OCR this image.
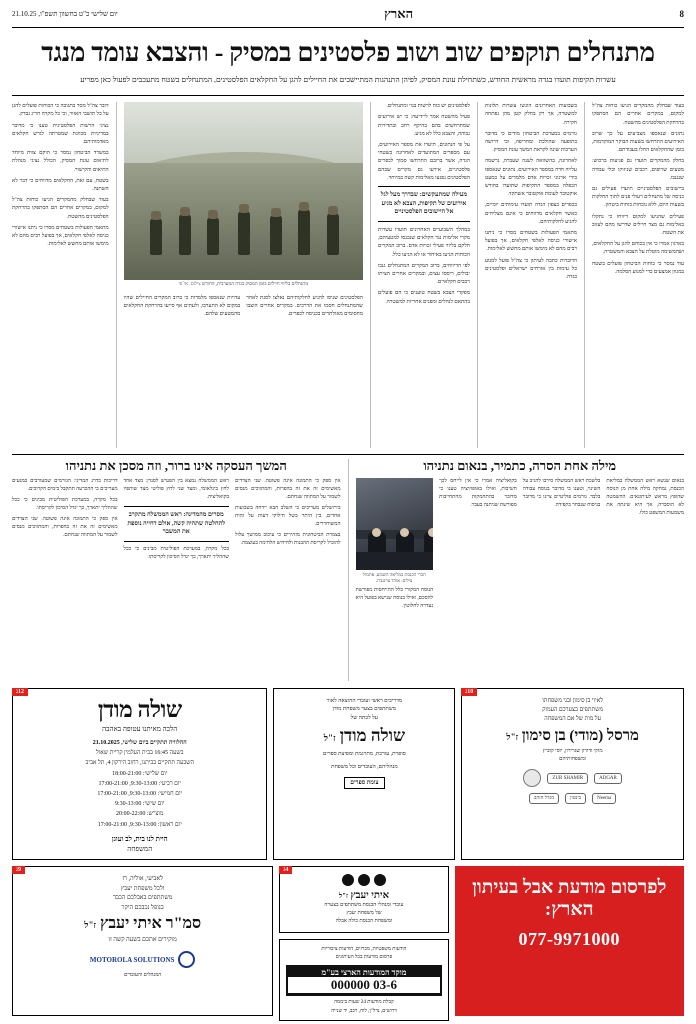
8
הארץ
יום שלישי כ"ט בחשוון תשפ"ו, 21.10.25
מתנחלים תוקפים שוב ושוב פלסטינים במסיק - והצבא עומד מנגד
עשרות תקיפות תועדו בגדה מראשית החודש, כשתחילת עונת המסיק, לפיהן התנהגות המתיישבים את החיילים להגן על החקלאים הפלסטינים, המתנחלים בשטח מתעכבים לפעול כאן מפריע

בעוד שבחלק מהמקרים הגיעו כוחות צה"ל למקום, במקרים אחרים הם הסתפקו בהרחקת הפלסטינים מהשטח.

נתונים שנאספו מצביעים על כך שרוב האירועים התרחשו בשעות הבוקר המוקדמות, בזמן שהחקלאים החלו בעבודתם.

בחלק מהמקרים תועדו גם פגיעות ברכוש: מטעים שרופים, רכבים שניזוקו וכלי עבודה שנגנבו.

ביישובים הפלסטיניים תיעדו פעילים גם כניסה של מתנחלים רעולי פנים לתוך החלקות בשעות היום, ללא נוכחות כוחות ביטחון.

פעילים שהגיעו למקום דיווחו כי נתקלו באלימות גם מצד חיילים שדרשו מהם לעזוב את השטח.

בארגון אמרו כי אין בכוחם להגן על החקלאים, ושהמשימה מוטלת על הצבא והמשטרה.

עוד נמסר כי כוחות הביטחון פועלים בשטח במגוון אמצעים כדי למנוע הסלמה.

בשבועות האחרונים הוגשו עשרות תלונות למשטרה, אך רק בחלק קטן מהן נפתחה חקירה.

גורמים במערכת הביטחון מודים כי מדובר בתופעה שהולכת ומחריפה, וכי דרושה הערכות שונה לקראת המשך עונת המסיק.

לאחרונה, בהשוואה לשנה שעברה, נרשמה עלייה חדה במספר האירועים. נתונים שנאספו בידי ארגוני זכויות אדם מלמדים על כמעט הכפלה במספר התקיפות שתועדו בחודש אוקטובר לעומת אוקטובר אשתקד.

בכפרים בצפון הגדה תועדו עימותים יומיים, כאשר חקלאים מדווחים כי אינם מצליחים להגיע לחלקותיהם.

מתאמי הפעולות בשטחים מסרו כי ניתנו אישורי כניסה לאלפי חקלאים, אך בפועל רבים מהם לא מימשו אותם מחשש לאלימות.

הדוברות כתבה לעיתון כי צה"ל פועל למנוע כל עימות בין אזרחים ישראלים ופלסטינים בגדה.

לפלסטינים יש כוח לרשות בנוי ומתנחלים.

פעיל מהשטח אמר ליידיעה: כי יש אירועים שמתרחשים בהם בהיקף רחב ובתדירות גבוהה, והצבא כלל לא מגיע.

על פי הנתונים, תיעדו את מספר האירועים, עם מספרים המתועדים לאחרונה בשטחי הגדה, אשר ברובם התרחשו סמוך לכפרים פלסטיניים, אירעו גם מקרים שבהם הפלסטינים נפגעו מאלימות קשה במיוחד.

מעילה שמתעקשים: שבדרך מעל לגל אירועים של תקיפות, הצבא לא מגיע אל היישובים הפלסטיניים

במהלך השבועיים האחרונים תועדו עשרות מקרי אלימות נגד חקלאים שנכנסו למטעיהם, חלקם בליווי פעילי זכויות אדם. ברוב המקרים הכוחות הגיעו באיחור או לא הגיעו כלל.

לפי הדיווחים, ברוב המקרים המתנחלים גנבו יבולים, ריססו עצים, ובמקרים אחרים הציתו רכבים חקלאיים.

מפקדי הצבא בשטח טוענים כי הם פועלים בהתאם לנהלים ומפנים אחריות למשטרה.

מתנחלים בליווי חיילים בזמן המסיק בגדה המערבית, החודש צילום: אי־פי
הפלסטינים שניסו להגיע לחלקותיהם נאלצו לסגת לאחר שהמתנחלים חסמו את הדרכים. במקרים אחרים הוצבו מחסומים מאולתרים בכניסה לכפרים.
עדויות שנאספו מלמדות כי ברוב המקרים החיילים שהיו במקום לא התערבו, ולעתים אף סייעו בהרחקת החקלאים מהמטעים שלהם.

דובר צה"ל מסר בתגובה כי הכוחות פועלים להגן על כל תושבי האזור, וכי כל מקרה חריג נבדק.

נציגי הרשות הפלסטינית טענו כי מדובר במדיניות מכוונת שמטרתה לגרש חקלאים מאדמותיהם.

במשרד הביטחון נמסר כי הוקם צוות מיוחד לתיאום עונת המסיק, הכולל נציגי מנהלת התיאום והקישור.

בשטח, עם זאת, החקלאים מדווחים כי דבר לא השתנה.

בעוד שבחלק מהמקרים הגיעו כוחות צה"ל למקום, במקרים אחרים הם הסתפקו בהרחקת הפלסטינים מהשטח.

מתאמי הפעולות בשטחים מסרו כי ניתנו אישורי כניסה לאלפי חקלאים, אך בפועל רבים מהם לא מימשו אותם מחשש לאלימות.

מילה אחת הסרה, כתמיר, בנאום נתניהו
בנאום שנשא ראש הממשלה במליאת הכנסת, נמחקה מילה אחת מן הנוסח שהופץ מראש לעיתונאים. ההשמטה לא הוסברה, אך היא שינתה את משמעות המשפט כולו.
בלשכת ראש הממשלה סירבו להגיב על השינוי, וטענו כי מדובר בנוסח עבודה בלבד. גורמים פוליטיים ציינו כי מדובר בניסוח שנבחר בקפידה.
בקואליציה אמרו כי אין לייחס לכך חשיבות, ואילו באופוזיציה טענו כי מדובר בהתחמקות מהתחייבות מפורשת שניתנה בעבר.
חברי הכנסת במליאה השבוע, אתמול
צילום: אוהד צויגנברג
הנוסח המקורי כלל התייחסות מפורשת להסכם, ואילו בנוסח שנישא בפועל היא נעדרה לחלוטין.
המשך העסקה אינו ברור, וזה מסכן את נתניהו

אין ספק כי התמונה אינה פשוטה. שני הצדדים מאשימים זה את זה בהפרות, והמתווכים מנסים לשמור על המתווה שנחתם.

בירושלים מעריכים כי השלב הבא יידחה בשבועות אחדים, בין היתר בשל חילוקי דעות על זהות המשוחררים.

בצמרת הביטחונית מזהירים כי עיכוב ממושך עלול להוביל לקריסת ההבנות ולחידוש הלחימה בעוצמה.

ראש הממשלה נמצא בין הפטיש לסנדן: מצד אחד לחץ בינלאומי, ומצד שני לחץ פוליטי מצד שותפיו בקואליציה.

מסרים מהמדינה: ראש הממשלה מתקרב להחלטה שתהיה קשה, אולם דחייה נוספת את המשבר

בכל מקרה, במערכת הפוליטית מבינים כי ככל שההליך יתארך, כך יגדל הסיכון לקריסתו.

דריכות בדרג המדיני: הגורמים שמעורבים במגעים מעריכים כי ההכרעה תתקבל בימים הקרובים.

בכל מקרה, במערכת הפוליטית מבינים כי ככל שההליך יתארך, כך יגדל הסיכון לקריסתו.

אין ספק כי התמונה אינה פשוטה. שני הצדדים מאשימים זה את זה בהפרות, והמתווכים מנסים לשמור על המתווה שנחתם.

10ג
לאיוי בן סימון ובני משפחתו
משתתפים בצערכם העמוק
על מות של אם המשפחה
מרסל (מודי) בן סימון ז"ל
מוקי ודורון שגרירון, יוסי קוביץ
ומשפחותיהם
ADGAR
ZUR SHAMIR
Neema
בינטון
מגדל הזהב
מדריכים ראשי ועובדי ההוצאה לאור
משתתפים בצער משפחת מודן
על לכתה של
שולה מודן ז"ל
סופרת, עורכת, מתרגמת ומפיצת ספרים
מנהליהם, העובדים וכל משפחת
צומת ספרים
12ג
שולה מודן
הלכה מאיתנו עטופה באהבה
ההלוויה תתקיים ביום שלישי, 21.10.2025
בשעה 16:45 בבית העלמין קריית שאול
השבעה תתקיים בביתנו, רחוב הירקון 4, תל אביב
יום שלישי: 18:00-21:00
יום רביעי: 9:30-13:00, 17:00-21:00
יום חמישי: 9:30-13:00, 17:00-21:00
יום שישי: 9:30-13:00
מוצ"ש: 20:00-22:00
יום ראשון: 9:30-13:00, 17:00-21:00
היית לנו בית, לב ועוגן
המשפחה
לפרסום מודעת אבל בעיתון הארץ:
077-9971000
4ג
איתי יעבץ ז"ל
עובדי ומנהלי הכנסת משתתפים בצערה
של משפחת יעבץ
ומשפחת הכנסת כולה אבלה
הודעות משפטיות, מכרזים, הודעות ציבוריות
פרסום מודעות בכל העיתונים
מוקד המודעות הארצי בע"מ
03-6 000000
קבלת מודעות 24 שעות ביממה
דרושים, נדל"ן, לוח, רכב, יד שנייה
9ג
לאביעי, אוליה, רז
ולכל משפחת יעבץ
משתתפים באבלכם הכבד
בנופל נכבכם היקר
סמ"ר איתי יעבץ ז"ל
מוקירים אתכם בשעה קשה זו
MOTOROLA SOLUTIONS
המנהלים והעובדים
